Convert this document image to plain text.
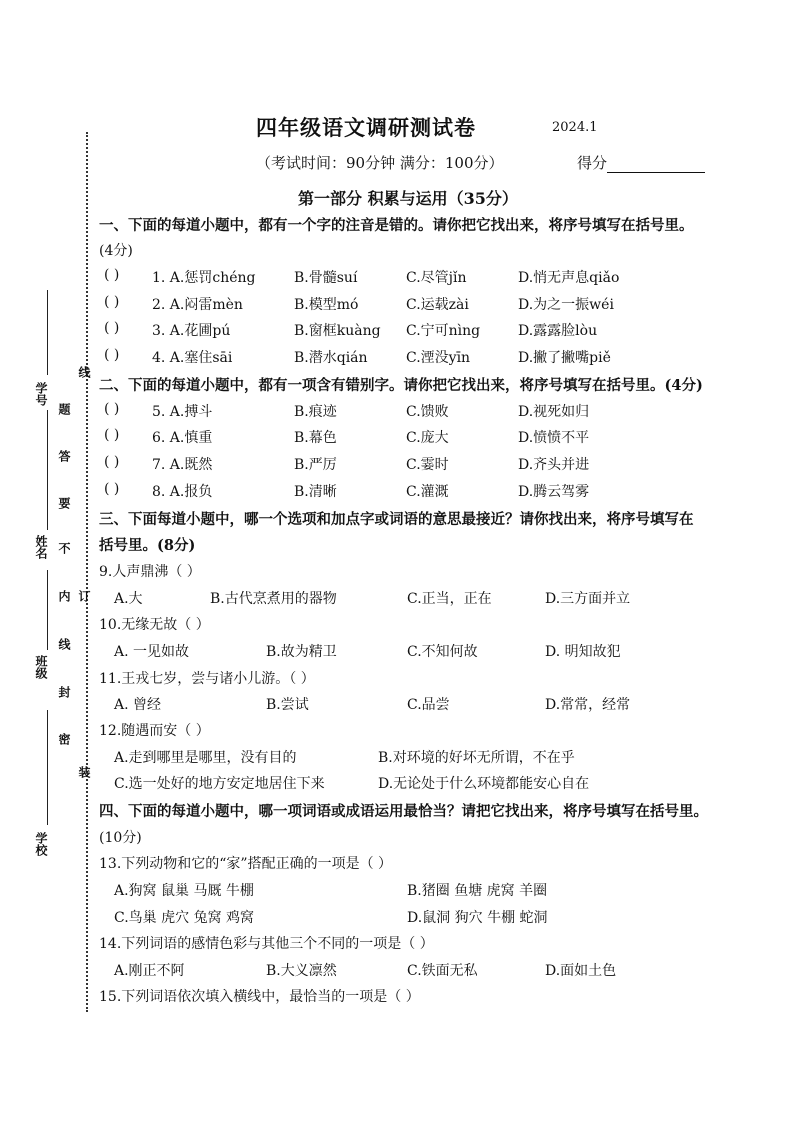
四年级语文调研测试卷	2024.1
（考试时间：90分钟 满分：100分）	得分
第一部分 积累与运用（35分）
学号
姓名
班级
学校
线
题
答
要
不
内
线
封
密
装
订
一、下面的每道小题中，都有一个字的注音是错的。请你把它找出来，将序号填写在括号里。
(4分)
( ) 1. A.惩罚chéng	B.骨髓suí	C.尽管jǐn	D.悄无声息qiǎo
( ) 2. A.闷雷mèn	B.模型mó	C.运载zài	D.为之一振wéi
( ) 3. A.花圃pú	B.窗框kuàng C.宁可nìng	D.露露脸lòu
( ) 4. A.塞住sāi	B.潜水qián	C.湮没yīn	D.撇了撇嘴piě
二、下面的每道小题中，都有一项含有错别字。请你把它找出来，将序号填写在括号里。(4分)
( ) 5. A.搏斗	B.痕迹	C.馈败	D.视死如归
( ) 6. A.慎重	B.幕色	C.庞大	D.愤愤不平
( ) 7. A.既然	B.严厉	C.霎时	D.齐头并进
( ) 8. A.报负	B.清晰	C.灌溉	D.腾云驾雾
三、下面每道小题中，哪一个选项和加点字或词语的意思最接近？请你找出来，将序号填写在
括号里。(8分)
9.人声鼎沸（ ）
A.大	B.古代烹煮用的器物	C.正当，正在	D.三方面并立
10.无缘无故（ ）
A. 一见如故	B.故为精卫	C.不知何故	D. 明知故犯
11.王戎七岁，尝与诸小儿游。（ ）
A. 曾经	B.尝试	C.品尝	D.常常，经常
12.随遇而安（ ）
A.走到哪里是哪里，没有目的	B.对环境的好坏无所谓，不在乎
C.选一处好的地方安定地居住下来	D.无论处于什么环境都能安心自在
四、下面的每道小题中，哪一项词语或成语运用最恰当？请把它找出来，将序号填写在括号里。
(10分)
13.下列动物和它的“家”搭配正确的一项是（ ）
A.狗窝 鼠巢 马厩 牛棚	B.猪圈 鱼塘 虎窝 羊圈
C.鸟巢 虎穴 兔窝 鸡窝	D.鼠洞 狗穴 牛棚 蛇洞
14.下列词语的感情色彩与其他三个不同的一项是（ ）
A.刚正不阿	B.大义凛然	C.铁面无私	D.面如土色
15.下列词语依次填入横线中，最恰当的一项是（ ）
